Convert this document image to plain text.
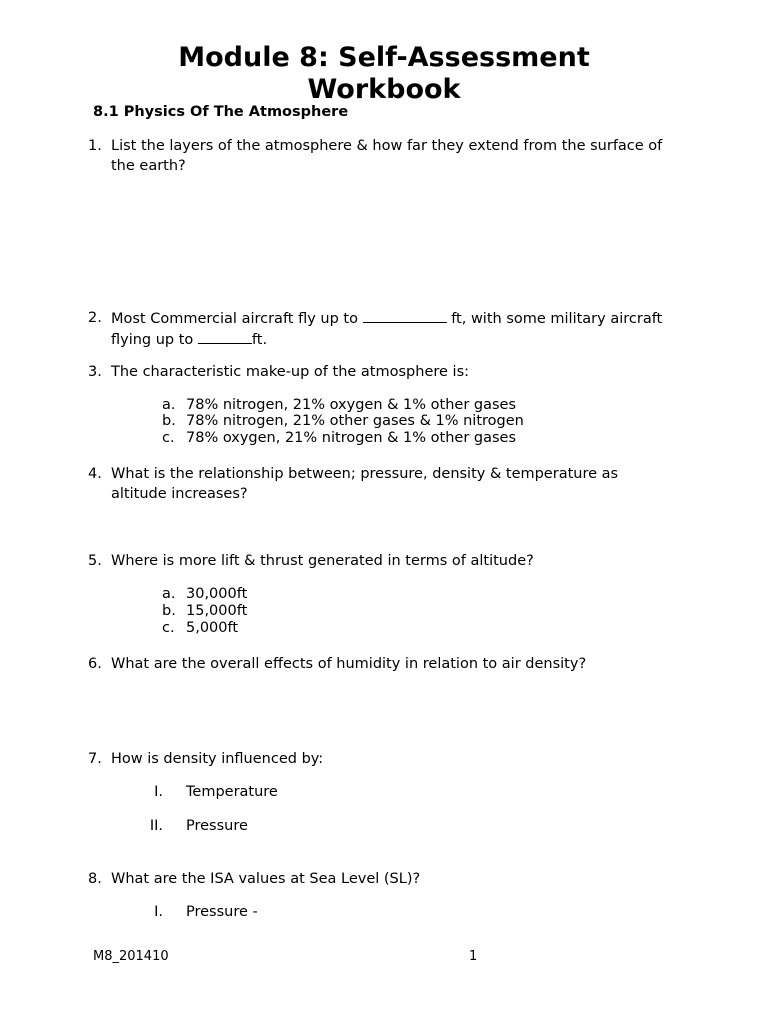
Module 8: Self-Assessment
Workbook
8.1 Physics Of The Atmosphere
1. List the layers of the atmosphere & how far they extend from the surface of the earth?
2. Most Commercial aircraft fly up to	ft, with some military aircraft flying up to	ft.
3. The characteristic make-up of the atmosphere is:
a. 78% nitrogen, 21% oxygen & 1% other gases
b. 78% nitrogen, 21% other gases & 1% nitrogen
c. 78% oxygen, 21% nitrogen & 1% other gases
4. What is the relationship between; pressure, density & temperature as altitude increases?
5. Where is more lift & thrust generated in terms of altitude?
a. 30,000ft
b. 15,000ft
c. 5,000ft
6. What are the overall effects of humidity in relation to air density?
7. How is density influenced by:
I. Temperature
II. Pressure
8. What are the ISA values at Sea Level (SL)?
I. Pressure -
M8_201410	1
